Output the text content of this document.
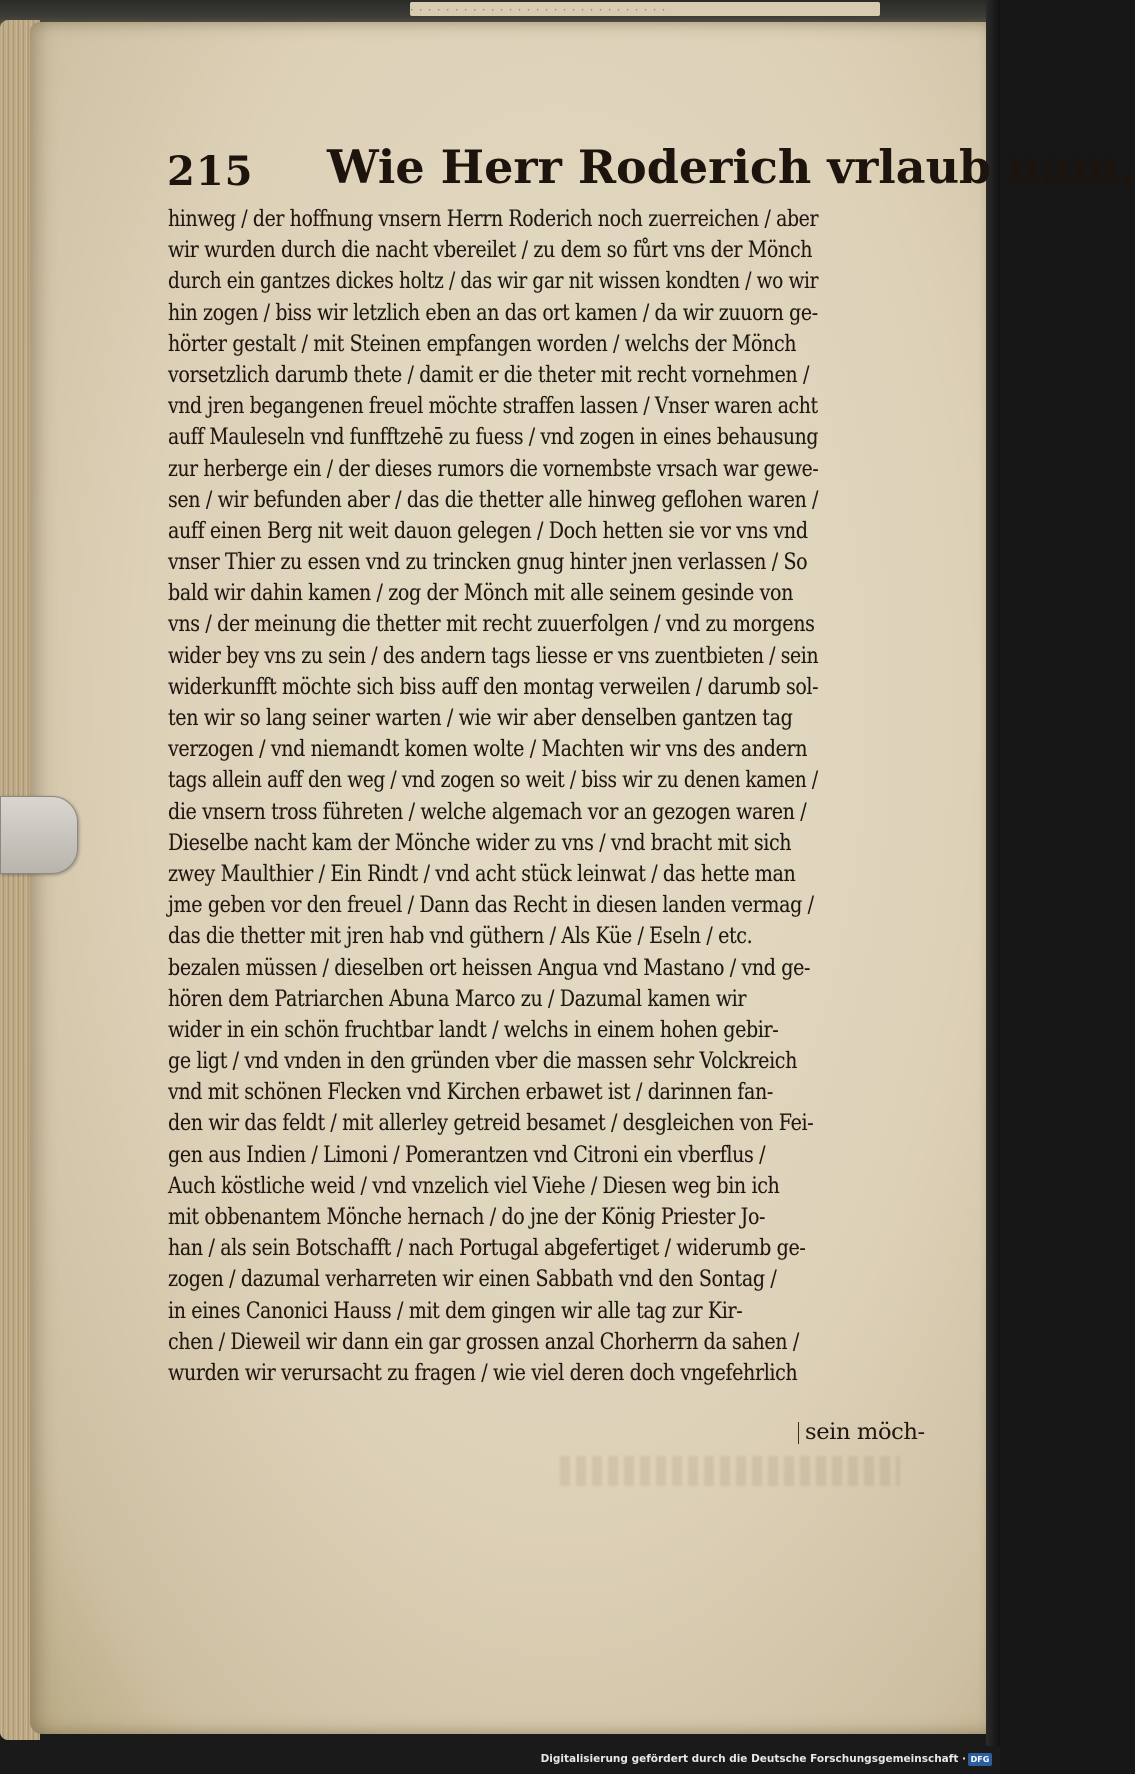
· · · · · · · · · · · · · · · · · · · · · · · · · · · · ·
215 Wie Herr Roderich vrlaub nam.
hinweg / der hoffnung vnsern Herrn Roderich noch zuerreichen / aber
wir wurden durch die nacht vbereilet / zu dem so fůrt vns der Mönch
durch ein gantzes dickes holtz / das wir gar nit wissen kondten / wo wir
hin zogen / biss wir letzlich eben an das ort kamen / da wir zuuorn ge-
hörter gestalt / mit Steinen empfangen worden / welchs der Mönch
vorsetzlich darumb thete / damit er die theter mit recht vornehmen /
vnd jren begangenen freuel möchte straffen lassen / Vnser waren acht
auff Mauleseln vnd funfftzehē zu fuess / vnd zogen in eines behausung
zur herberge ein / der dieses rumors die vornembste vrsach war gewe-
sen / wir befunden aber / das die thetter alle hinweg geflohen waren /
auff einen Berg nit weit dauon gelegen / Doch hetten sie vor vns vnd
vnser Thier zu essen vnd zu trincken gnug hinter jnen verlassen / So
bald wir dahin kamen / zog der Mönch mit alle seinem gesinde von
vns / der meinung die thetter mit recht zuuerfolgen / vnd zu morgens
wider bey vns zu sein / des andern tags liesse er vns zuentbieten / sein
widerkunfft möchte sich biss auff den montag verweilen / darumb sol-
ten wir so lang seiner warten / wie wir aber denselben gantzen tag
verzogen / vnd niemandt komen wolte / Machten wir vns des andern
tags allein auff den weg / vnd zogen so weit / biss wir zu denen kamen /
die vnsern tross führeten / welche algemach vor an gezogen waren /
Dieselbe nacht kam der Mönche wider zu vns / vnd bracht mit sich
zwey Maulthier / Ein Rindt / vnd acht stück leinwat / das hette man
jme geben vor den freuel / Dann das Recht in diesen landen vermag /
das die thetter mit jren hab vnd güthern / Als Küe / Eseln / etc.
bezalen müssen / dieselben ort heissen Angua vnd Mastano / vnd ge-
hören dem Patriarchen Abuna Marco zu / Dazumal kamen wir
wider in ein schön fruchtbar landt / welchs in einem hohen gebir-
ge ligt / vnd vnden in den gründen vber die massen sehr Volckreich
vnd mit schönen Flecken vnd Kirchen erbawet ist / darinnen fan-
den wir das feldt / mit allerley getreid besamet / desgleichen von Fei-
gen aus Indien / Limoni / Pomerantzen vnd Citroni ein vberflus /
Auch köstliche weid / vnd vnzelich viel Viehe / Diesen weg bin ich
mit obbenantem Mönche hernach / do jne der König Priester Jo-
han / als sein Botschafft / nach Portugal abgefertiget / widerumb ge-
zogen / dazumal verharreten wir einen Sabbath vnd den Sontag /
in eines Canonici Hauss / mit dem gingen wir alle tag zur Kir-
chen / Dieweil wir dann ein gar grossen anzal Chorherrn da sahen /
wurden wir verursacht zu fragen / wie viel deren doch vngefehrlich
sein möch-
Digitalisierung gefördert durch die Deutsche Forschungsgemeinschaft · DFG
